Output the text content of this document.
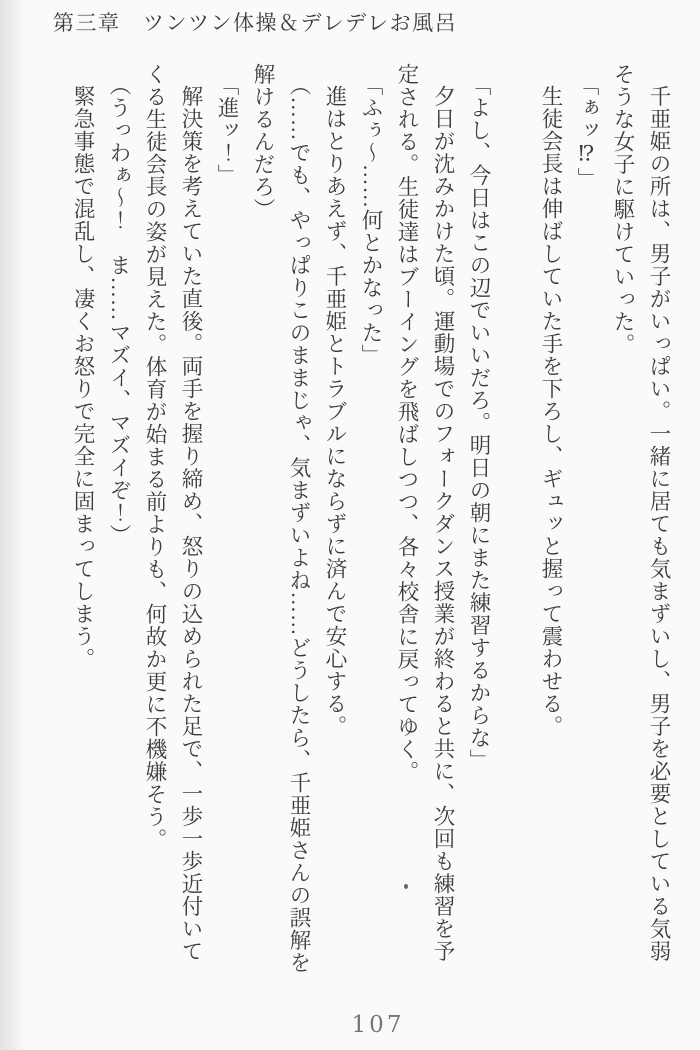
第三章　ツンツン体操＆デレデレお風呂
千亜姫の所は、男子がいっぱい。一緒に居ても気まずいし、男子を必要としている気弱
そうな女子に駆けていった。
「ぁッ⁉」
生徒会長は伸ばしていた手を下ろし、ギュッと握って震わせる。
「よし、今日はこの辺でいいだろ。明日の朝にまた練習するからな」
夕日が沈みかけた頃。運動場でのフォークダンス授業が終わると共に、次回も練習を予
定される。生徒達はブーイングを飛ばしつつ、各々校舎に戻ってゆく。
「ふぅ～……何とかなった」
進はとりあえず、千亜姫とトラブルにならずに済んで安心する。
（……でも、やっぱりこのままじゃ、気まずいよね……どうしたら、千亜姫さんの誤解を
解けるんだろ）
「進ッ！」
解決策を考えていた直後。両手を握り締め、怒りの込められた足で、一歩一歩近付いて
くる生徒会長の姿が見えた。体育が始まる前よりも、何故か更に不機嫌そう。
（うっわぁ～！　ま……マズイ、マズイぞ！）
緊急事態で混乱し、凄くお怒りで完全に固まってしまう。
107
